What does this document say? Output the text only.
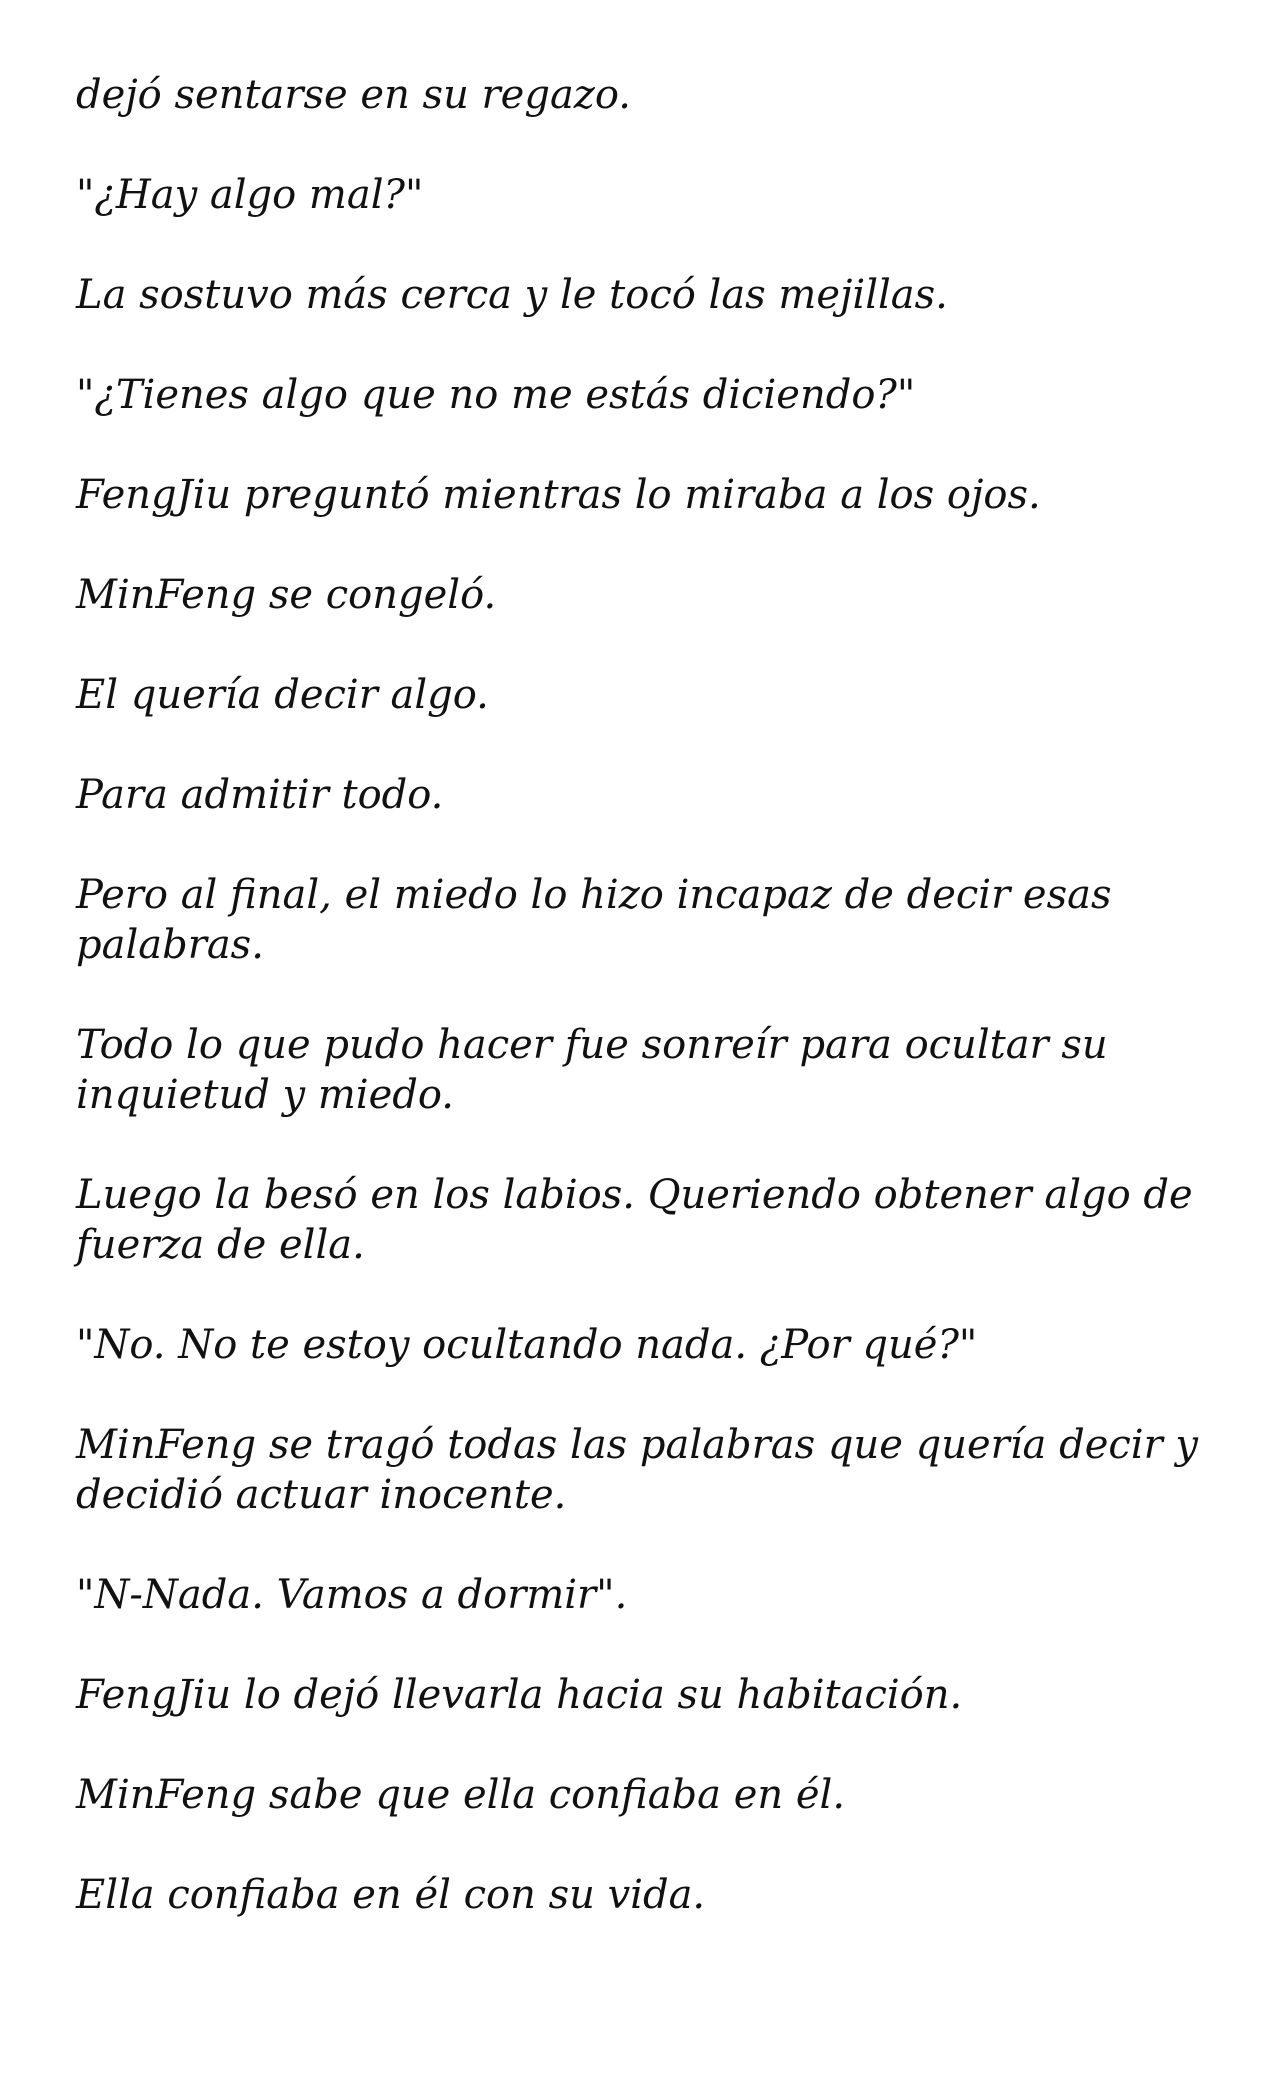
dejó sentarse en su regazo.

"¿Hay algo mal?"

La sostuvo más cerca y le tocó las mejillas.

"¿Tienes algo que no me estás diciendo?"

FengJiu preguntó mientras lo miraba a los ojos.

MinFeng se congeló.

El quería decir algo.

Para admitir todo.

Pero al final, el miedo lo hizo incapaz de decir esas palabras.

Todo lo que pudo hacer fue sonreír para ocultar su inquietud y miedo.

Luego la besó en los labios. Queriendo obtener algo de fuerza de ella.

"No. No te estoy ocultando nada. ¿Por qué?"

MinFeng se tragó todas las palabras que quería decir y decidió actuar inocente.

"N-Nada. Vamos a dormir".

FengJiu lo dejó llevarla hacia su habitación.

MinFeng sabe que ella confiaba en él.

Ella confiaba en él con su vida.
